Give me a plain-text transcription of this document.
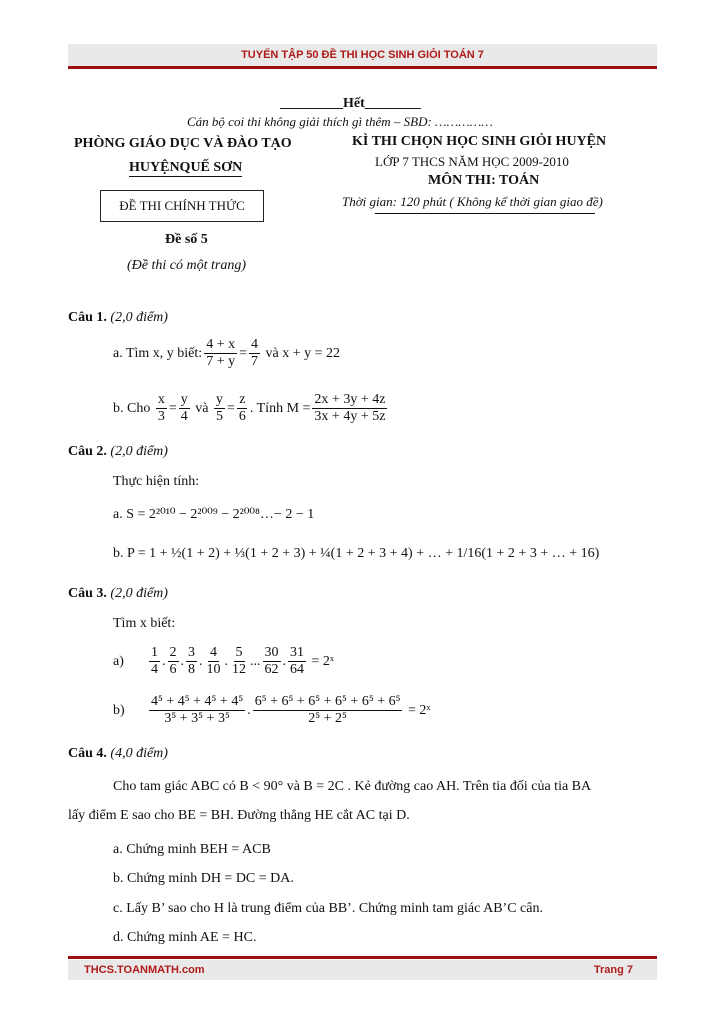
TUYỂN TẬP 50 ĐỀ THI HỌC SINH GIỎI TOÁN 7
_________Hết________
Cán bộ coi thi không giải thích gì thêm – SBD: ……………
PHÒNG GIÁO DỤC VÀ ĐÀO TẠO
HUYỆNQUẾ SƠN
ĐỀ THI CHÍNH THỨC
Đề số 5
(Đề thi có một trang)
KÌ THI CHỌN HỌC SINH GIỎI HUYỆN
LỚP 7 THCS NĂM HỌC 2009-2010
MÔN THI: TOÁN
Thời gian: 120 phút ( Không kể thời gian giao đề)
Câu 1.
(2,0 điểm)
a. Tìm x, y biết: $\frac{4 + x}{7 + y} = \frac{4}{7}$
và x + y = 22
b. Cho
$\frac{x}{3} = \frac{y}{4}$
và
$\frac{y}{5} = \frac{z}{6}$ . Tính $M = \frac{2x + 3y + 4z}{3x + 4y + 5z}$
Câu 2.
(2,0 điểm)
Thực hiện tính:
a. S =
2²⁰¹⁰ − 2²⁰⁰⁹ − 2²⁰⁰⁸…− 2 − 1
b.
P = 1 + ½(1 + 2) + ⅓(1 + 2 + 3) + ¼(1 + 2 + 3 + 4) + … + 1/16(1 + 2 + 3 + … + 16)
Câu 3.
(2,0 điểm)
Tìm x biết:
a)	$\frac{1}{4}$ . $\frac{2}{6}$ . $\frac{3}{8}$ . $\frac{4}{10}$ . $\frac{5}{12}$ ... $\frac{30}{62}$ . $\frac{31}{64}$
= 2ˣ
b)	$\frac{\text{4⁵ + 4⁵ + 4⁵ + 4⁵}}{\text{3⁵ + 3⁵ + 3⁵}}$ . $\frac{\text{6⁵ + 6⁵ + 6⁵ + 6⁵ + 6⁵ + 6⁵}}{\text{2⁵ + 2⁵}}$
= 2ˣ
Câu 4.
(4,0 điểm)
Cho tam giác ABC có B < 90° và B = 2C . Kẻ đường cao AH. Trên tia đối của tia BA
lấy điểm E sao cho BE = BH. Đường thẳng HE cắt AC tại D.
a. Chứng minh BEH = ACB
b. Chứng minh DH = DC = DA.
c. Lấy B’ sao cho H là trung điểm của BB’. Chứng minh tam giác AB’C cân.
d. Chứng minh AE = HC.
THCS.TOANMATH.com	Trang 7
